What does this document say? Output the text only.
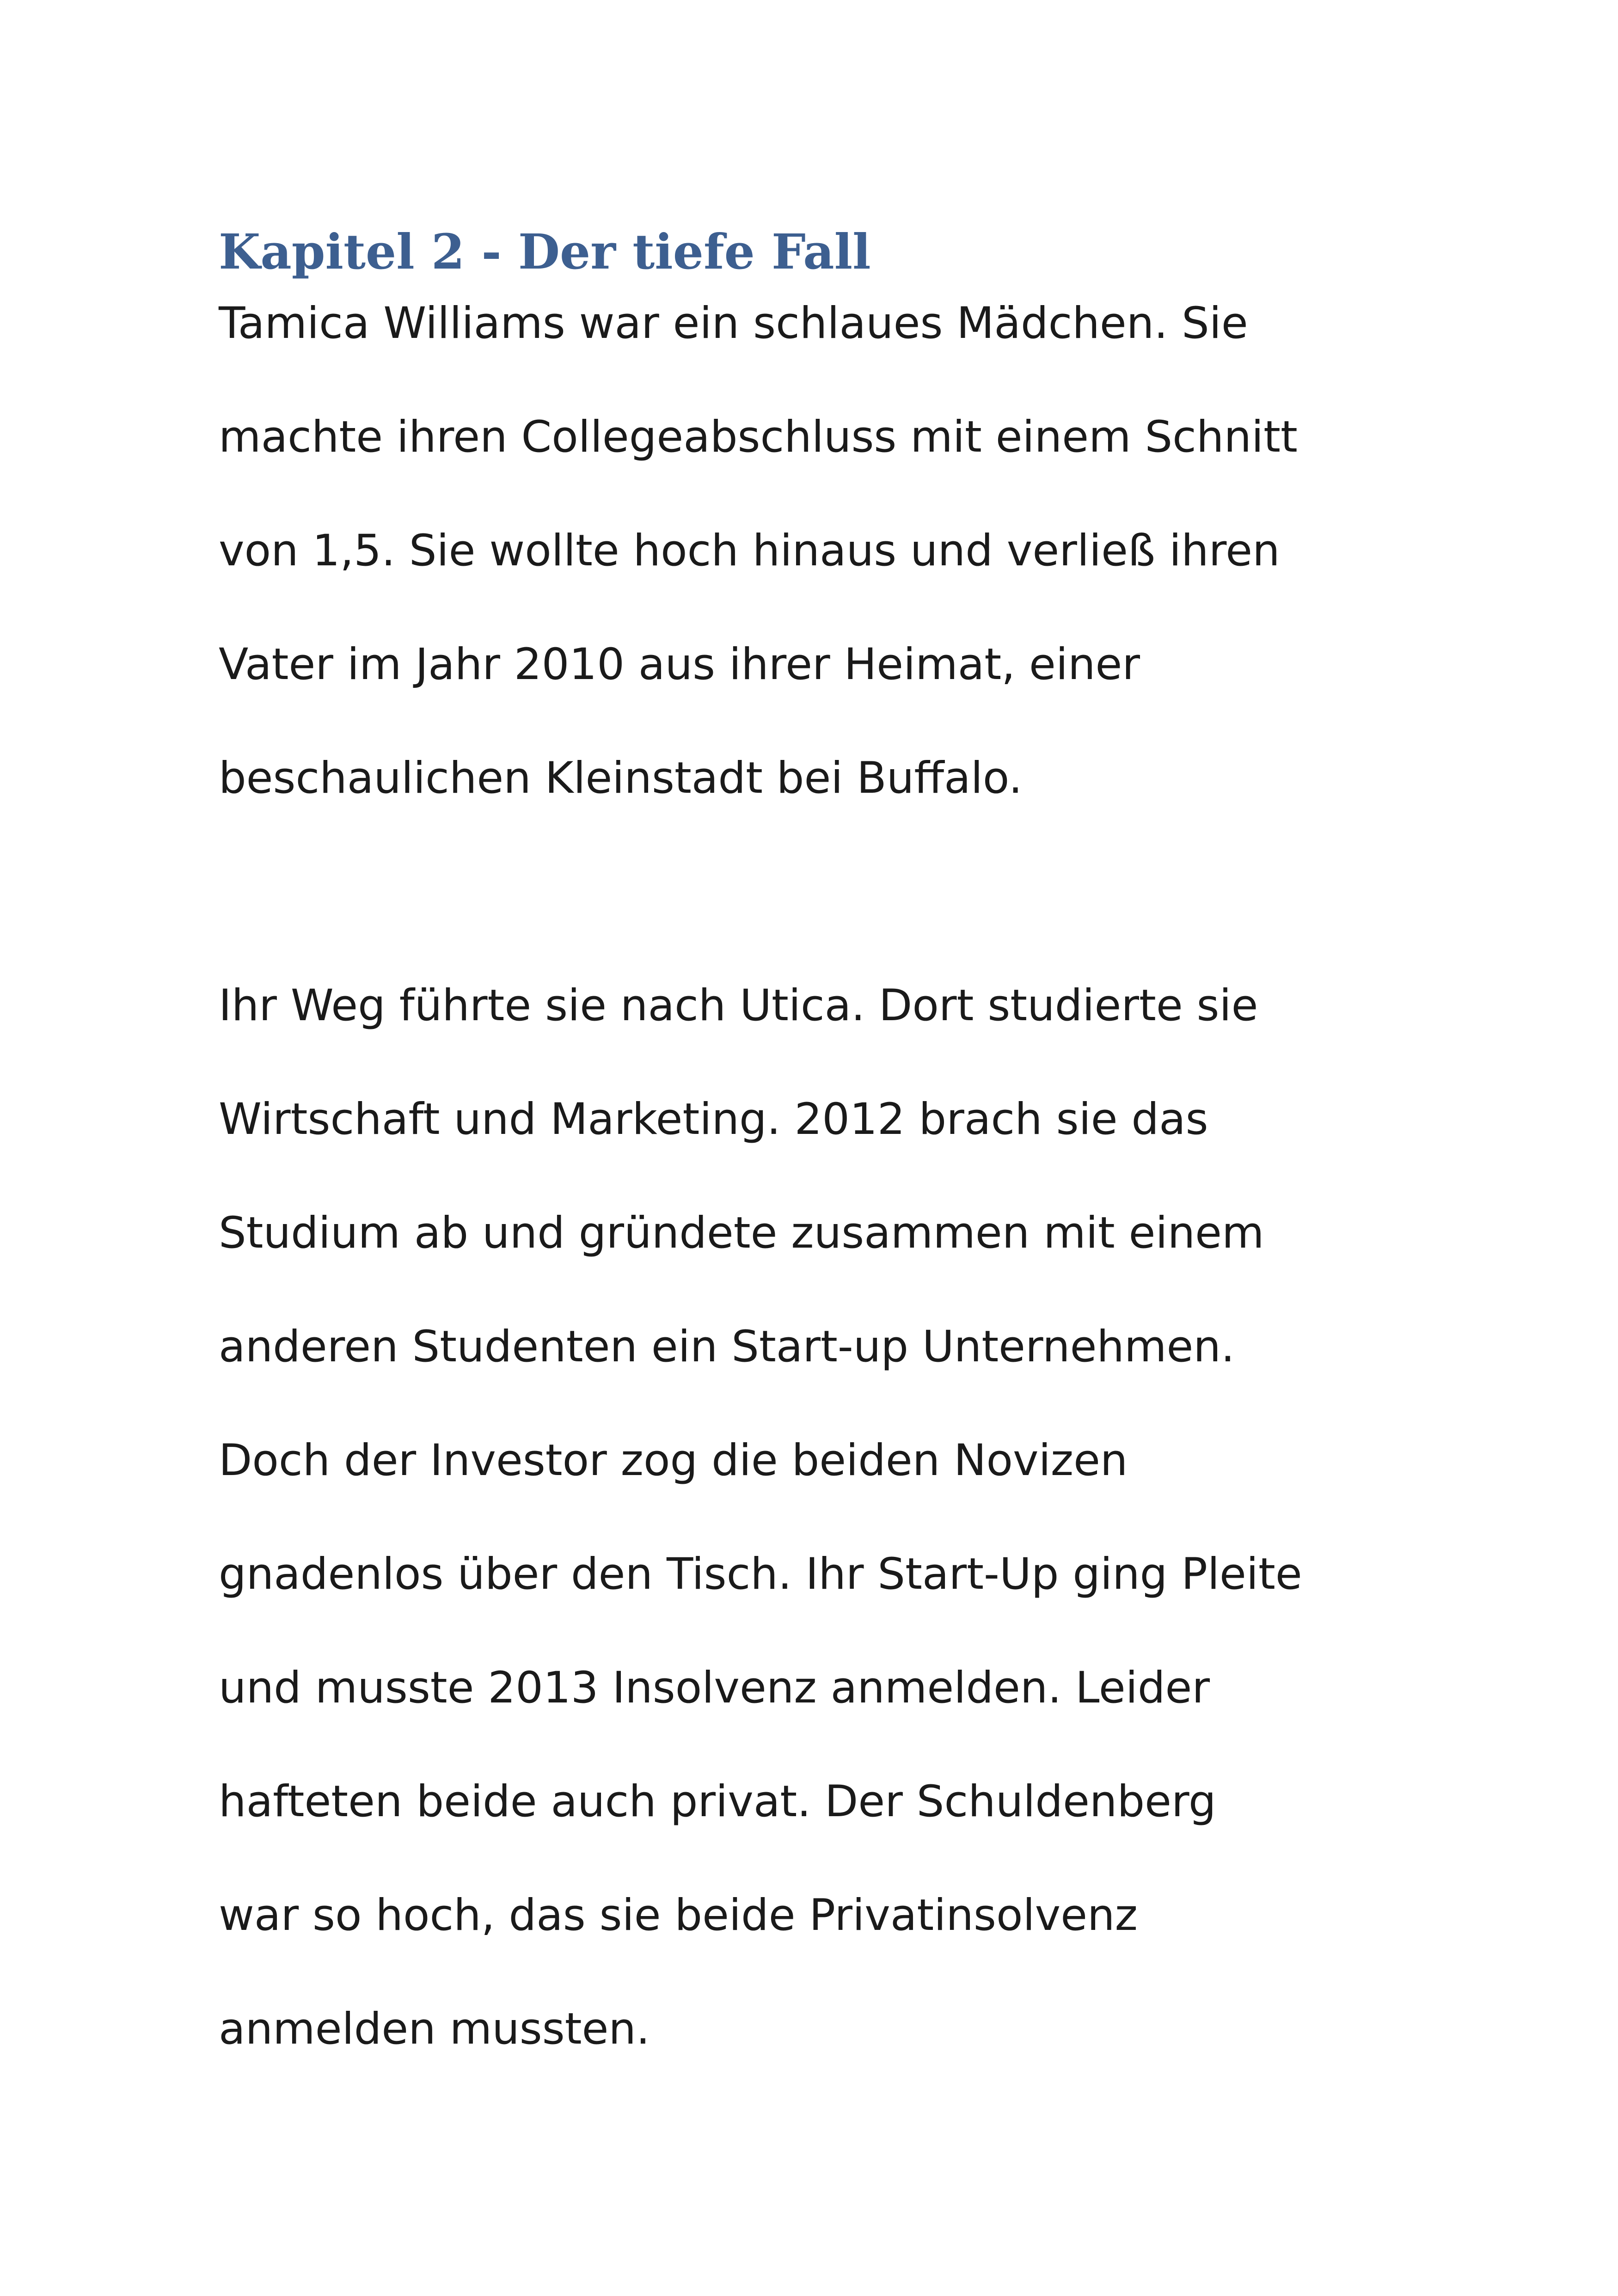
Kapitel 2 - Der tiefe Fall

Tamica Williams war ein schlaues Mädchen. Sie

machte ihren Collegeabschluss mit einem Schnitt

von 1,5. Sie wollte hoch hinaus und verließ ihren

Vater im Jahr 2010 aus ihrer Heimat, einer

beschaulichen Kleinstadt bei Buffalo.

Ihr Weg führte sie nach Utica. Dort studierte sie

Wirtschaft und Marketing. 2012 brach sie das

Studium ab und gründete zusammen mit einem

anderen Studenten ein Start-up Unternehmen.

Doch der Investor zog die beiden Novizen

gnadenlos über den Tisch. Ihr Start-Up ging Pleite

und musste 2013 Insolvenz anmelden. Leider

hafteten beide auch privat. Der Schuldenberg

war so hoch, das sie beide Privatinsolvenz

anmelden mussten.
